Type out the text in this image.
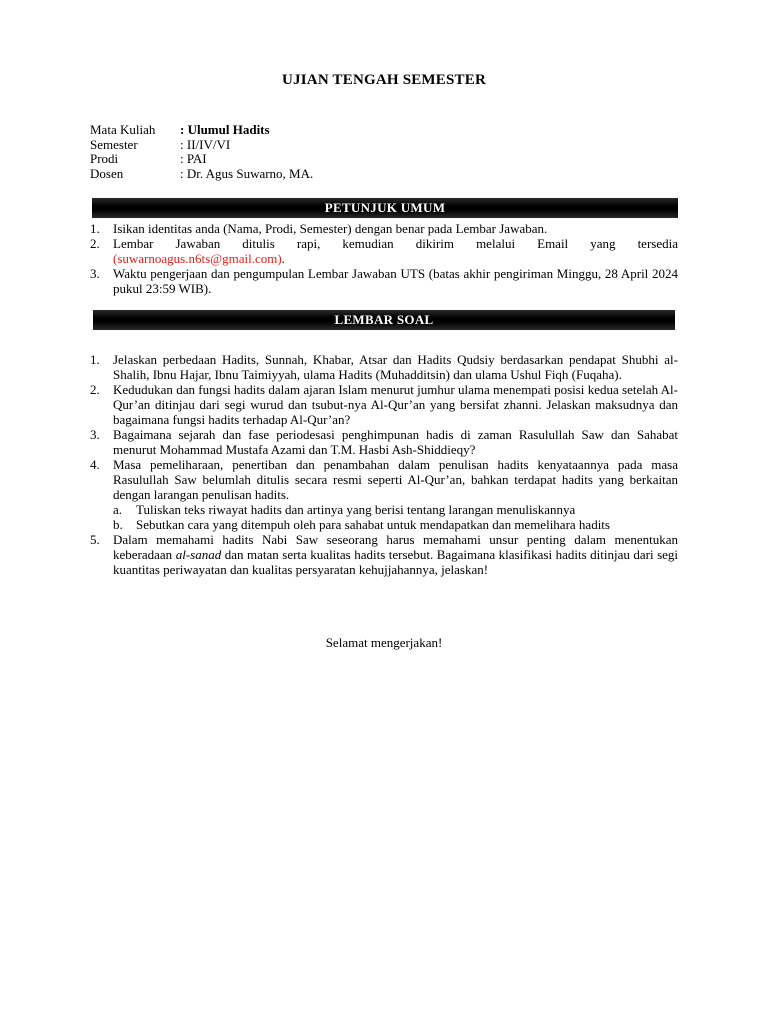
UJIAN TENGAH SEMESTER
Mata Kuliah	: Ulumul Hadits
Semester	: II/IV/VI
Prodi	: PAI
Dosen	: Dr. Agus Suwarno, MA.
PETUNJUK UMUM
1.	Isikan identitas anda (Nama, Prodi, Semester) dengan benar pada Lembar Jawaban.
2.	Lembar Jawaban ditulis rapi, kemudian dikirim melalui Email yang tersedia (suwarnoagus.n6ts@gmail.com).
3.	Waktu pengerjaan dan pengumpulan Lembar Jawaban UTS (batas akhir pengiriman Minggu, 28 April 2024 pukul 23:59 WIB).
LEMBAR SOAL
1.	Jelaskan perbedaan Hadits, Sunnah, Khabar, Atsar dan Hadits Qudsiy berdasarkan pendapat Shubhi al-Shalih, Ibnu Hajar, Ibnu Taimiyyah, ulama Hadits (Muhadditsin) dan ulama Ushul Fiqh (Fuqaha).
2.	Kedudukan dan fungsi hadits dalam ajaran Islam menurut jumhur ulama menempati posisi kedua setelah Al-Qur’an ditinjau dari segi wurud dan tsubut-nya Al-Qur’an yang bersifat zhanni. Jelaskan maksudnya dan bagaimana fungsi hadits terhadap Al-Qur’an?
3.	Bagaimana sejarah dan fase periodesasi penghimpunan hadis di zaman Rasulullah Saw dan Sahabat menurut Mohammad Mustafa Azami dan T.M. Hasbi Ash-Shiddieqy?
4.	Masa pemeliharaan, penertiban dan penambahan dalam penulisan hadits kenyataannya pada masa Rasulullah Saw belumlah ditulis secara resmi seperti Al-Qur’an, bahkan terdapat hadits yang berkaitan dengan larangan penulisan hadits.
a.	Tuliskan teks riwayat hadits dan artinya yang berisi tentang larangan menuliskannya
b.	Sebutkan cara yang ditempuh oleh para sahabat untuk mendapatkan dan memelihara hadits
5.	Dalam memahami hadits Nabi Saw seseorang harus memahami unsur penting dalam menentukan keberadaan al-sanad dan matan serta kualitas hadits tersebut. Bagaimana klasifikasi hadits ditinjau dari segi kuantitas periwayatan dan kualitas persyaratan kehujjahannya, jelaskan!
Selamat mengerjakan!
